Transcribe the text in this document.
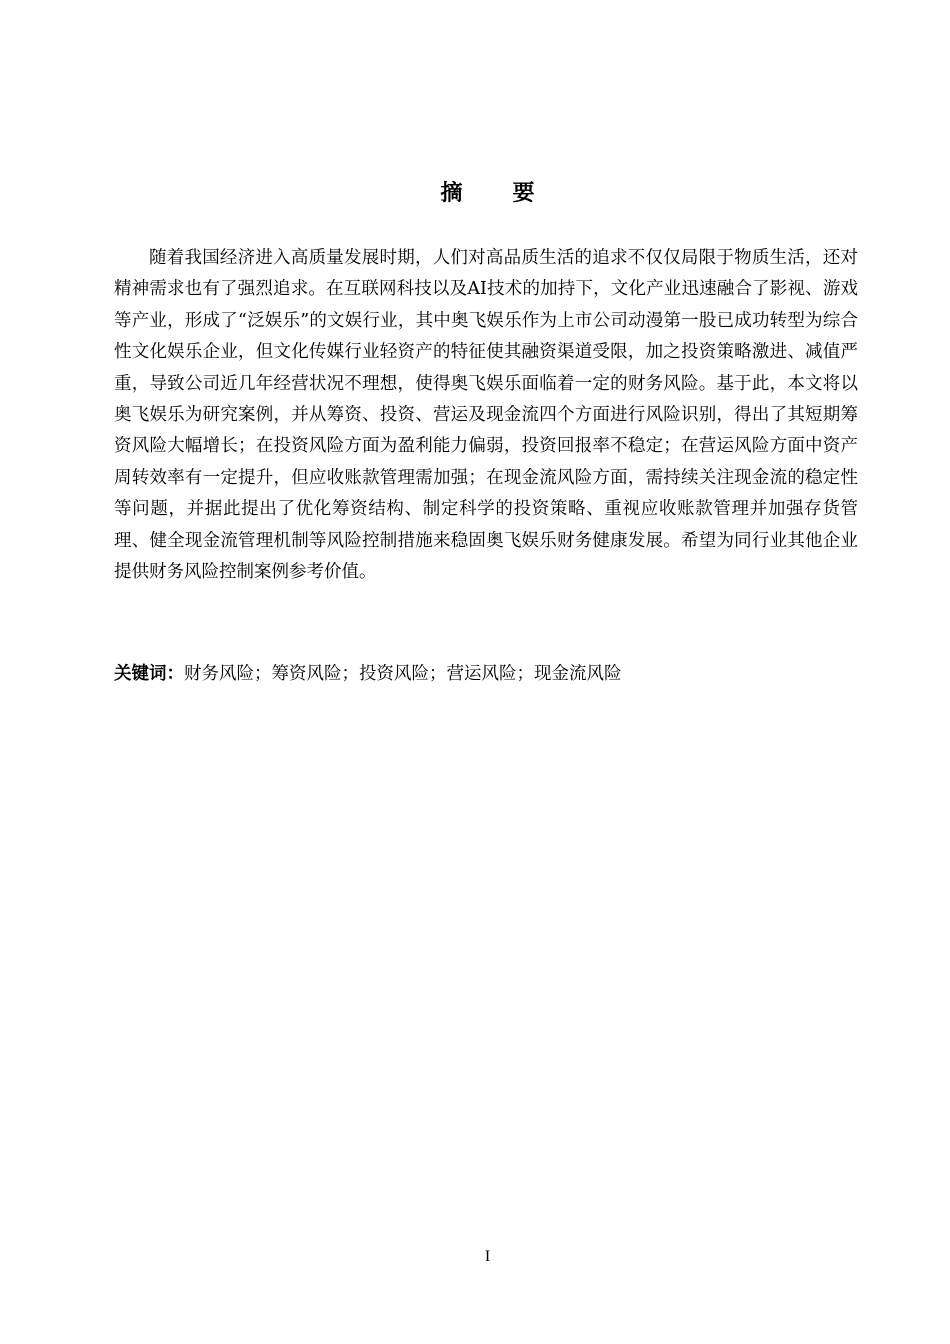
摘 要

随着我国经济进入高质量发展时期，人们对高品质生活的追求不仅仅局限于物质生活，还对精神需求也有了强烈追求。在互联网科技以及AI技术的加持下，文化产业迅速融合了影视、游戏等产业，形成了“泛娱乐”的文娱行业，其中奥飞娱乐作为上市公司动漫第一股已成功转型为综合性文化娱乐企业，但文化传媒行业轻资产的特征使其融资渠道受限，加之投资策略激进、减值严重，导致公司近几年经营状况不理想，使得奥飞娱乐面临着一定的财务风险。基于此，本文将以奥飞娱乐为研究案例，并从筹资、投资、营运及现金流四个方面进行风险识别，得出了其短期筹资风险大幅增长；在投资风险方面为盈利能力偏弱，投资回报率不稳定；在营运风险方面中资产周转效率有一定提升，但应收账款管理需加强；在现金流风险方面，需持续关注现金流的稳定性等问题，并据此提出了优化筹资结构、制定科学的投资策略、重视应收账款管理并加强存货管理、健全现金流管理机制等风险控制措施来稳固奥飞娱乐财务健康发展。希望为同行业其他企业提供财务风险控制案例参考价值。

关键词：财务风险；筹资风险；投资风险；营运风险；现金流风险

I
